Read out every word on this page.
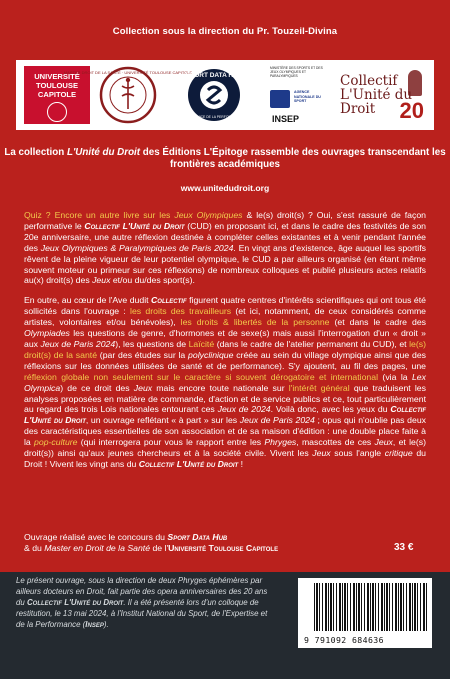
Collection sous la direction du Pr. Touzeil-Divina
UNIVERSITÉ TOULOUSE CAPITOLE
MASTER DROIT DE LA SANTÉ · UNIVERSITÉ TOULOUSE CAPITOLE
SPORT DATA HUB
AU SERVICE DE LA PERFORMANCE
MINISTÈRE DES SPORTS ET DES JEUX OLYMPIQUES ET PARALYMPIQUES
AGENCE NATIONALE DU SPORT
INSEP
Collectif L'Unité du Droit	20
La collection L'Unité du Droit des Éditions L'Épitoge rassemble des ouvrages transcendant les frontières académiques
www.unitedudroit.org

Quiz ? Encore un autre livre sur les Jeux Olympiques & le(s) droit(s) ? Oui, s'est rassuré de façon performative le Collectif L'Unité du Droit (CUD) en proposant ici, et dans le cadre des festivités de son 20e anniversaire, une autre réflexion destinée à compléter celles existantes et à venir pendant l'année des Jeux Olympiques & Paralympiques de Paris 2024. En vingt ans d'existence, âge auquel les sportifs rêvent de la pleine vigueur de leur potentiel olympique, le CUD a par ailleurs organisé (en étant même souvent moteur ou primeur sur ces réflexions) de nombreux colloques et publié plusieurs actes relatifs au(x) droit(s) des Jeux et/ou du/des sport(s).

En outre, au cœur de l'Ave dudit Collectif figurent quatre centres d'intérêts scientifiques qui ont tous été sollicités dans l'ouvrage : les droits des travailleurs (et ici, notamment, de ceux considérés comme artistes, volontaires et/ou bénévoles), les droits & libertés de la personne (et dans le cadre des Olympiades les questions de genre, d'hormones et de sexe(s) mais aussi l'interrogation d'un « droit » aux Jeux de Paris 2024), les questions de Laïcité (dans le cadre de l'atelier permanent du CUD), et le(s) droit(s) de la santé (par des études sur la polyclinique créée au sein du village olympique ainsi que des réflexions sur les données utilisées de santé et de performance). S'y ajoutent, au fil des pages, une réflexion globale non seulement sur le caractère si souvent dérogatoire et international (via la Lex Olympica) de ce droit des Jeux mais encore toute nationale sur l'intérêt général que traduisent les analyses proposées en matière de commande, d'action et de service publics et ce, tout particulièrement au regard des trois Lois nationales entourant ces Jeux de 2024. Voilà donc, avec les yeux du Collectif L'Unité du Droit, un ouvrage reflétant « à part » sur les Jeux de Paris 2024 ; opus qui n'oublie pas deux des caractéristiques essentielles de son association et de sa maison d'édition : une double place faite à la pop-culture (qui interrogera pour vous le rapport entre les Phryges, mascottes de ces Jeux, et le(s) droit(s)) ainsi qu'aux jeunes chercheurs et à la société civile. Vivent les Jeux sous l'angle critique du Droit ! Vivent les vingt ans du Collectif L'Unité du Droit !

Ouvrage réalisé avec le concours du Sport Data Hub
& du Master en Droit de la Santé de l'Université Toulouse Capitole	33 €
Le présent ouvrage, sous la direction de deux Phryges éphémères par ailleurs docteurs en Droit, fait partie des opera anniversaires des 20 ans du Collectif L'Unité du Droit. Il a été présenté lors d'un colloque de restitution, le 13 mai 2024, à l'Institut National du Sport, de l'Expertise et de la Performance (Insep).
9 791092 684636
